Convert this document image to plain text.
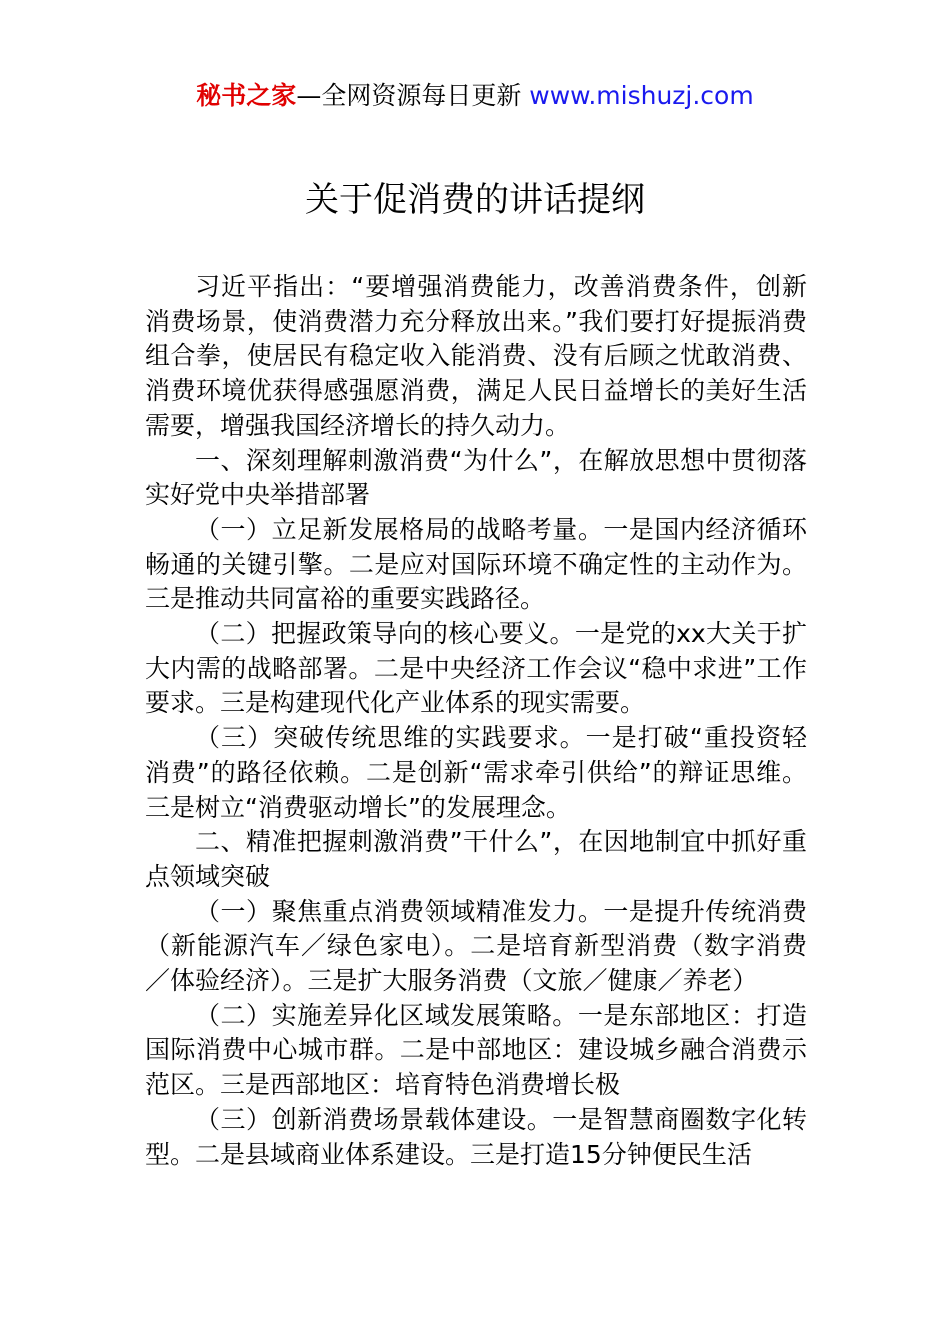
秘书之家—全网资源每日更新 www.mishuzj.com
关于促消费的讲话提纲

习近平指出：“要增强消费能力，改善消费条件，创新消费场景，使消费潜力充分释放出来。”我们要打好提振消费组合拳，使居民有稳定收入能消费、没有后顾之忧敢消费、消费环境优获得感强愿消费，满足人民日益增长的美好生活需要，增强我国经济增长的持久动力。

一、深刻理解刺激消费“为什么”，在解放思想中贯彻落实好党中央举措部署

（一）立足新发展格局的战略考量。一是国内经济循环畅通的关键引擎。二是应对国际环境不确定性的主动作为。三是推动共同富裕的重要实践路径。

（二）把握政策导向的核心要义。一是党的xx大关于扩大内需的战略部署。二是中央经济工作会议“稳中求进”工作要求。三是构建现代化产业体系的现实需要。

（三）突破传统思维的实践要求。一是打破“重投资轻消费”的路径依赖。二是创新“需求牵引供给”的辩证思维。三是树立“消费驱动增长”的发展理念。

二、精准把握刺激消费”干什么”，在因地制宜中抓好重点领域突破

（一）聚焦重点消费领域精准发力。一是提升传统消费（新能源汽车／绿色家电）。二是培育新型消费（数字消费／体验经济）。三是扩大服务消费（文旅／健康／养老）

（二）实施差异化区域发展策略。一是东部地区：打造国际消费中心城市群。二是中部地区：建设城乡融合消费示范区。三是西部地区：培育特色消费增长极

（三）创新消费场景载体建设。一是智慧商圈数字化转型。二是县域商业体系建设。三是打造15分钟便民生活
